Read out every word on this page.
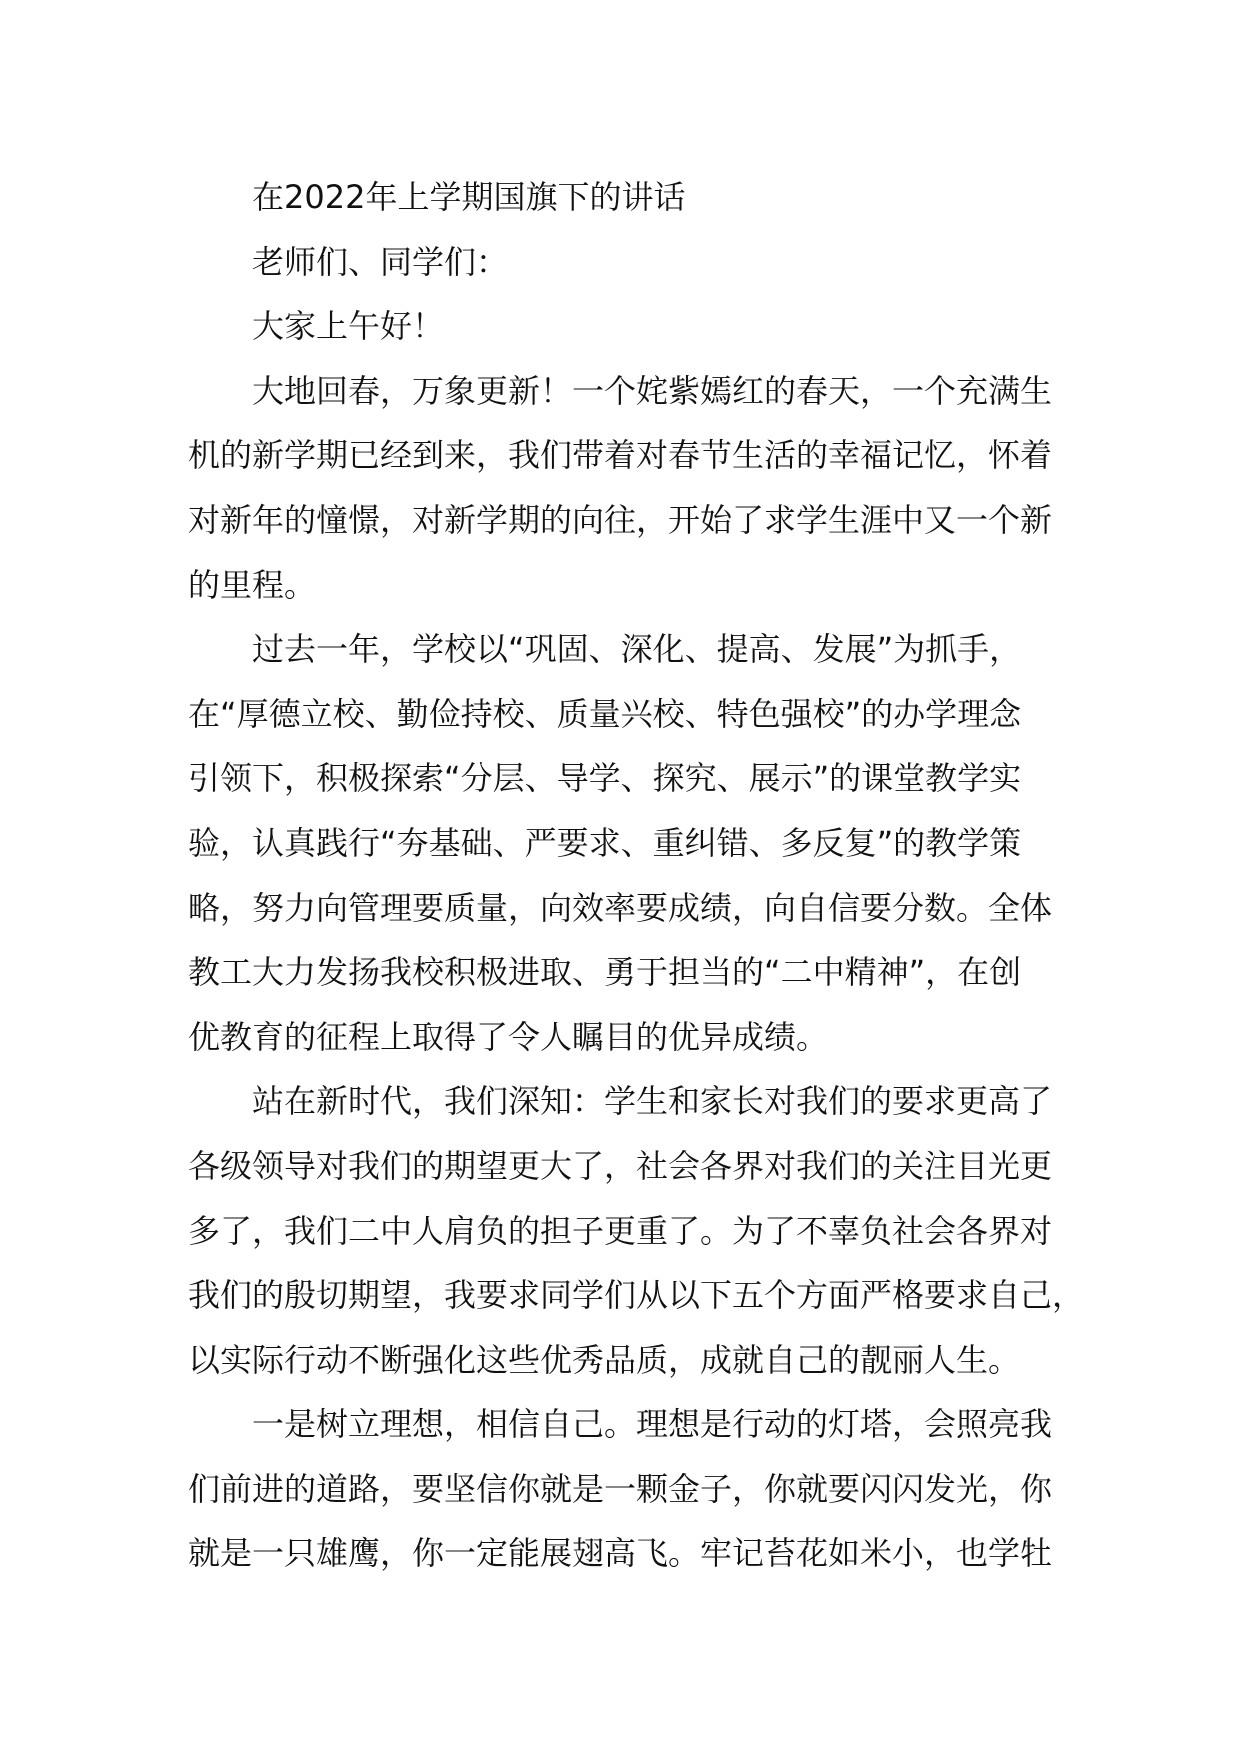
在2022年上学期国旗下的讲话
老师们、同学们：
大家上午好！
大地回春，万象更新！一个姹紫嫣红的春天，一个充满生
机的新学期已经到来，我们带着对春节生活的幸福记忆，怀着
对新年的憧憬，对新学期的向往，开始了求学生涯中又一个新
的里程。
过去一年，学校以“巩固、深化、提高、发展”为抓手，
在“厚德立校、勤俭持校、质量兴校、特色强校”的办学理念
引领下，积极探索“分层、导学、探究、展示”的课堂教学实
验，认真践行“夯基础、严要求、重纠错、多反复”的教学策
略，努力向管理要质量，向效率要成绩，向自信要分数。全体
教工大力发扬我校积极进取、勇于担当的“二中精神”，在创
优教育的征程上取得了令人瞩目的优异成绩。
站在新时代，我们深知：学生和家长对我们的要求更高了
各级领导对我们的期望更大了，社会各界对我们的关注目光更
多了，我们二中人肩负的担子更重了。为了不辜负社会各界对
我们的殷切期望，我要求同学们从以下五个方面严格要求自己，
以实际行动不断强化这些优秀品质，成就自己的靓丽人生。
一是树立理想，相信自己。理想是行动的灯塔，会照亮我
们前进的道路，要坚信你就是一颗金子，你就要闪闪发光，你
就是一只雄鹰，你一定能展翅高飞。牢记苔花如米小，也学牡
